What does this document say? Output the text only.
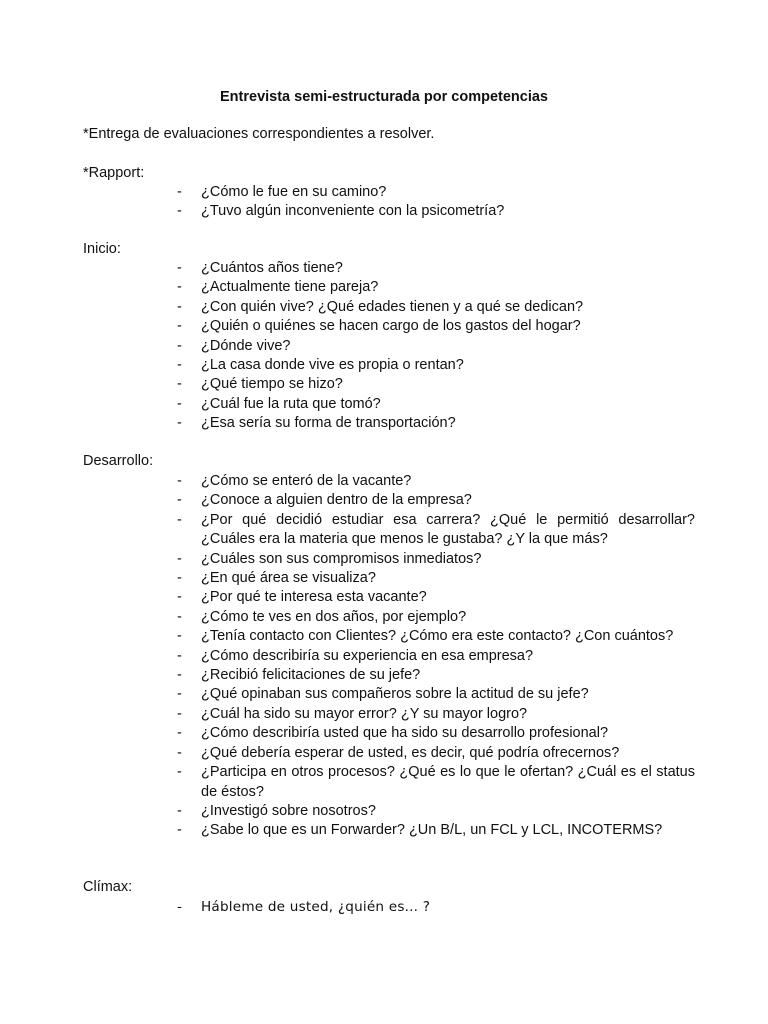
Entrevista semi-estructurada por competencias

*Entrega de evaluaciones correspondientes a resolver.

*Rapport:

- ¿Cómo le fue en su camino?
- ¿Tuvo algún inconveniente con la psicometría?

Inicio:

- ¿Cuántos años tiene?
- ¿Actualmente tiene pareja?
- ¿Con quién vive? ¿Qué edades tienen y a qué se dedican?
- ¿Quién o quiénes se hacen cargo de los gastos del hogar?
- ¿Dónde vive?
- ¿La casa donde vive es propia o rentan?
- ¿Qué tiempo se hizo?
- ¿Cuál fue la ruta que tomó?
- ¿Esa sería su forma de transportación?

Desarrollo:

- ¿Cómo se enteró de la vacante?
- ¿Conoce a alguien dentro de la empresa?
- ¿Por qué decidió estudiar esa carrera? ¿Qué le permitió desarrollar? ¿Cuáles era la materia que menos le gustaba? ¿Y la que más?
- ¿Cuáles son sus compromisos inmediatos?
- ¿En qué área se visualiza?
- ¿Por qué te interesa esta vacante?
- ¿Cómo te ves en dos años, por ejemplo?
- ¿Tenía contacto con Clientes? ¿Cómo era este contacto? ¿Con cuántos?
- ¿Cómo describiría su experiencia en esa empresa?
- ¿Recibió felicitaciones de su jefe?
- ¿Qué opinaban sus compañeros sobre la actitud de su jefe?
- ¿Cuál ha sido su mayor error? ¿Y su mayor logro?
- ¿Cómo describiría usted que ha sido su desarrollo profesional?
- ¿Qué debería esperar de usted, es decir, qué podría ofrecernos?
- ¿Participa en otros procesos? ¿Qué es lo que le ofertan? ¿Cuál es el status de éstos?
- ¿Investigó sobre nosotros?
- ¿Sabe lo que es un Forwarder? ¿Un B/L, un FCL y LCL, INCOTERMS?

Clímax:

- Hábleme de usted, ¿quién es... ?
